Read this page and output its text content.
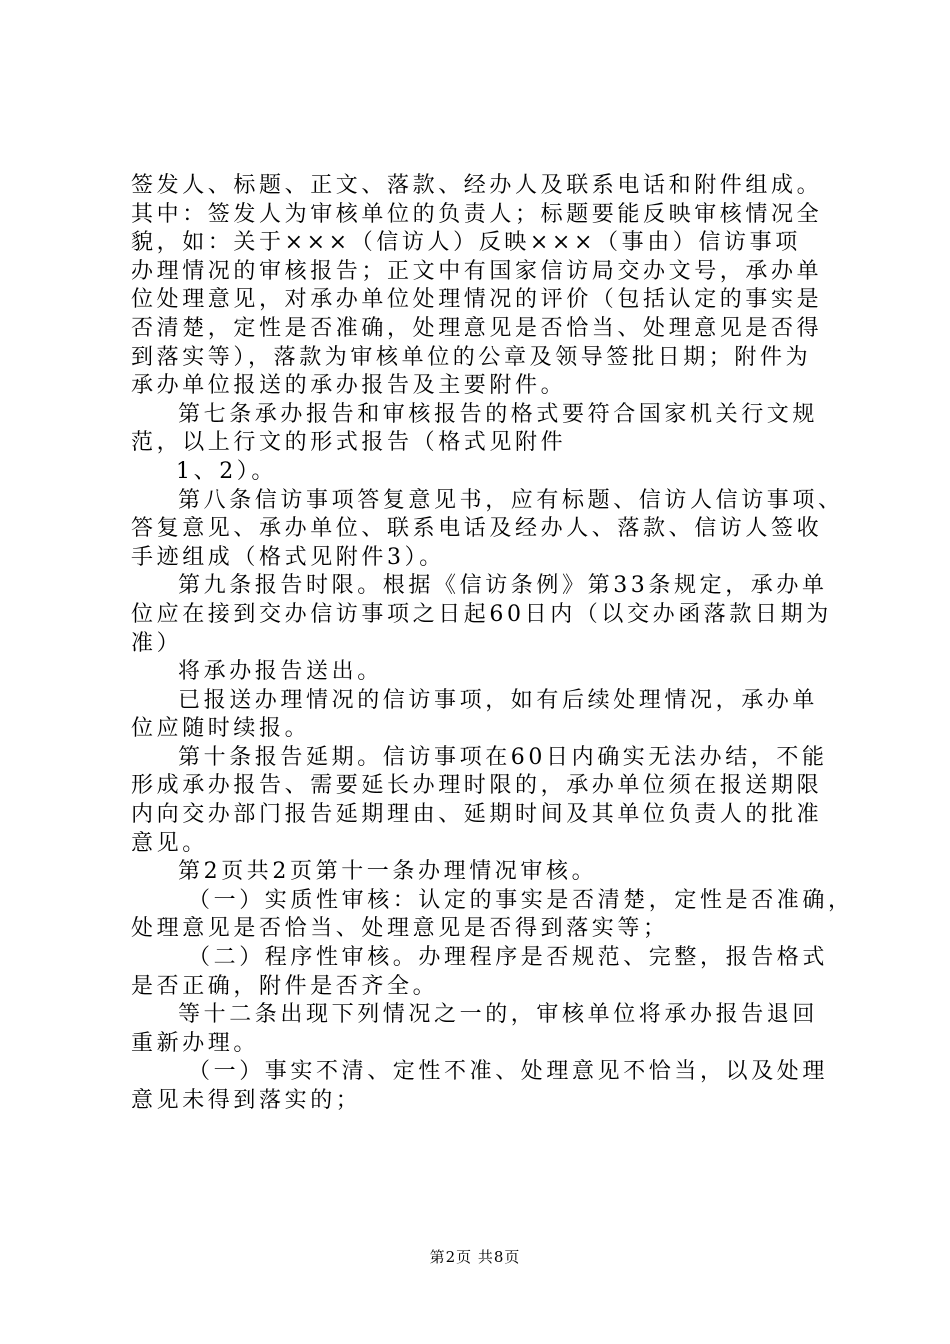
签发人、标题、正文、落款、经办人及联系电话和附件组成。

其中：签发人为审核单位的负责人；标题要能反映审核情况全

貌，如：关于×××（信访人）反映×××（事由）信访事项

办理情况的审核报告；正文中有国家信访局交办文号，承办单

位处理意见，对承办单位处理情况的评价（包括认定的事实是

否清楚，定性是否准确，处理意见是否恰当、处理意见是否得

到落实等），落款为审核单位的公章及领导签批日期；附件为

承办单位报送的承办报告及主要附件。

第七条承办报告和审核报告的格式要符合国家机关行文规

范，以上行文的形式报告（格式见附件

1、2）。

第八条信访事项答复意见书，应有标题、信访人信访事项、

答复意见、承办单位、联系电话及经办人、落款、信访人签收

手迹组成（格式见附件3）。

第九条报告时限。根据《信访条例》第33条规定，承办单

位应在接到交办信访事项之日起60日内（以交办函落款日期为

准）

将承办报告送出。

已报送办理情况的信访事项，如有后续处理情况，承办单

位应随时续报。

第十条报告延期。信访事项在60日内确实无法办结，不能

形成承办报告、需要延长办理时限的，承办单位须在报送期限

内向交办部门报告延期理由、延期时间及其单位负责人的批准

意见。

第2页共2页第十一条办理情况审核。

（一）实质性审核：认定的事实是否清楚，定性是否准确，

处理意见是否恰当、处理意见是否得到落实等；

（二）程序性审核。办理程序是否规范、完整，报告格式

是否正确，附件是否齐全。

等十二条出现下列情况之一的，审核单位将承办报告退回

重新办理。

（一）事实不清、定性不准、处理意见不恰当，以及处理

意见未得到落实的；

第2页 共8页
